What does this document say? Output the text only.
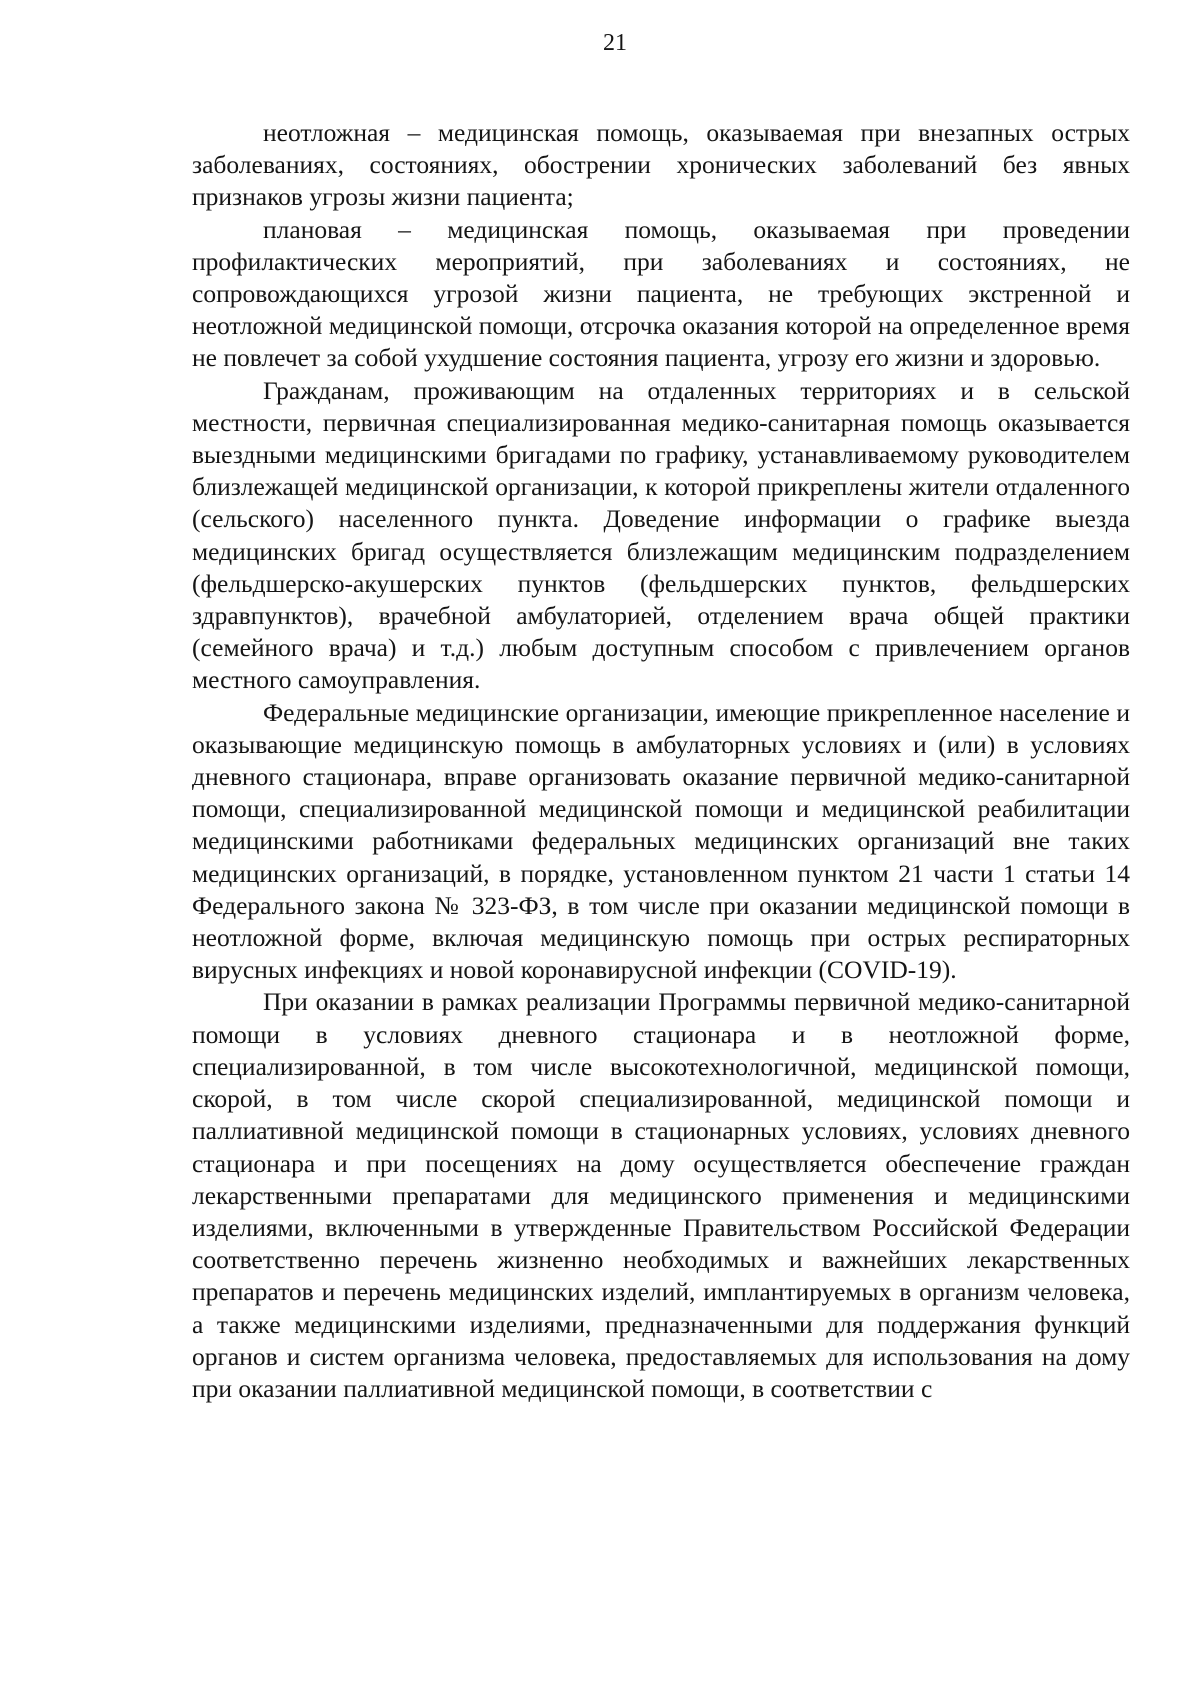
21

неотложная – медицинская помощь, оказываемая при внезапных острых заболеваниях, состояниях, обострении хронических заболеваний без явных признаков угрозы жизни пациента;

плановая – медицинская помощь, оказываемая при проведении профилактических мероприятий, при заболеваниях и состояниях, не сопровождающихся угрозой жизни пациента, не требующих экстренной и неотложной медицинской помощи, отсрочка оказания которой на определенное время не повлечет за собой ухудшение состояния пациента, угрозу его жизни и здоровью.

Гражданам, проживающим на отдаленных территориях и в сельской местности, первичная специализированная медико-санитарная помощь оказывается выездными медицинскими бригадами по графику, устанавливаемому руководителем близлежащей медицинской организации, к которой прикреплены жители отдаленного (сельского) населенного пункта. Доведение информации о графике выезда медицинских бригад осуществляется близлежащим медицинским подразделением (фельдшерско-акушерских пунктов (фельдшерских пунктов, фельдшерских здравпунктов), врачебной амбулаторией, отделением врача общей практики (семейного врача) и т.д.) любым доступным способом с привлечением органов местного самоуправления.

Федеральные медицинские организации, имеющие прикрепленное население и оказывающие медицинскую помощь в амбулаторных условиях и (или) в условиях дневного стационара, вправе организовать оказание первичной медико-санитарной помощи, специализированной медицинской помощи и медицинской реабилитации медицинскими работниками федеральных медицинских организаций вне таких медицинских организаций, в порядке, установленном пунктом 21 части 1 статьи 14 Федерального закона № 323-ФЗ, в том числе при оказании медицинской помощи в неотложной форме, включая медицинскую помощь при острых респираторных вирусных инфекциях и новой коронавирусной инфекции (COVID-19).

При оказании в рамках реализации Программы первичной медико-санитарной помощи в условиях дневного стационара и в неотложной форме, специализированной, в том числе высокотехнологичной, медицинской помощи, скорой, в том числе скорой специализированной, медицинской помощи и паллиативной медицинской помощи в стационарных условиях, условиях дневного стационара и при посещениях на дому осуществляется обеспечение граждан лекарственными препаратами для медицинского применения и медицинскими изделиями, включенными в утвержденные Правительством Российской Федерации соответственно перечень жизненно необходимых и важнейших лекарственных препаратов и перечень медицинских изделий, имплантируемых в организм человека, а также медицинскими изделиями, предназначенными для поддержания функций органов и систем организма человека, предоставляемых для использования на дому при оказании паллиативной медицинской помощи, в соответствии с
